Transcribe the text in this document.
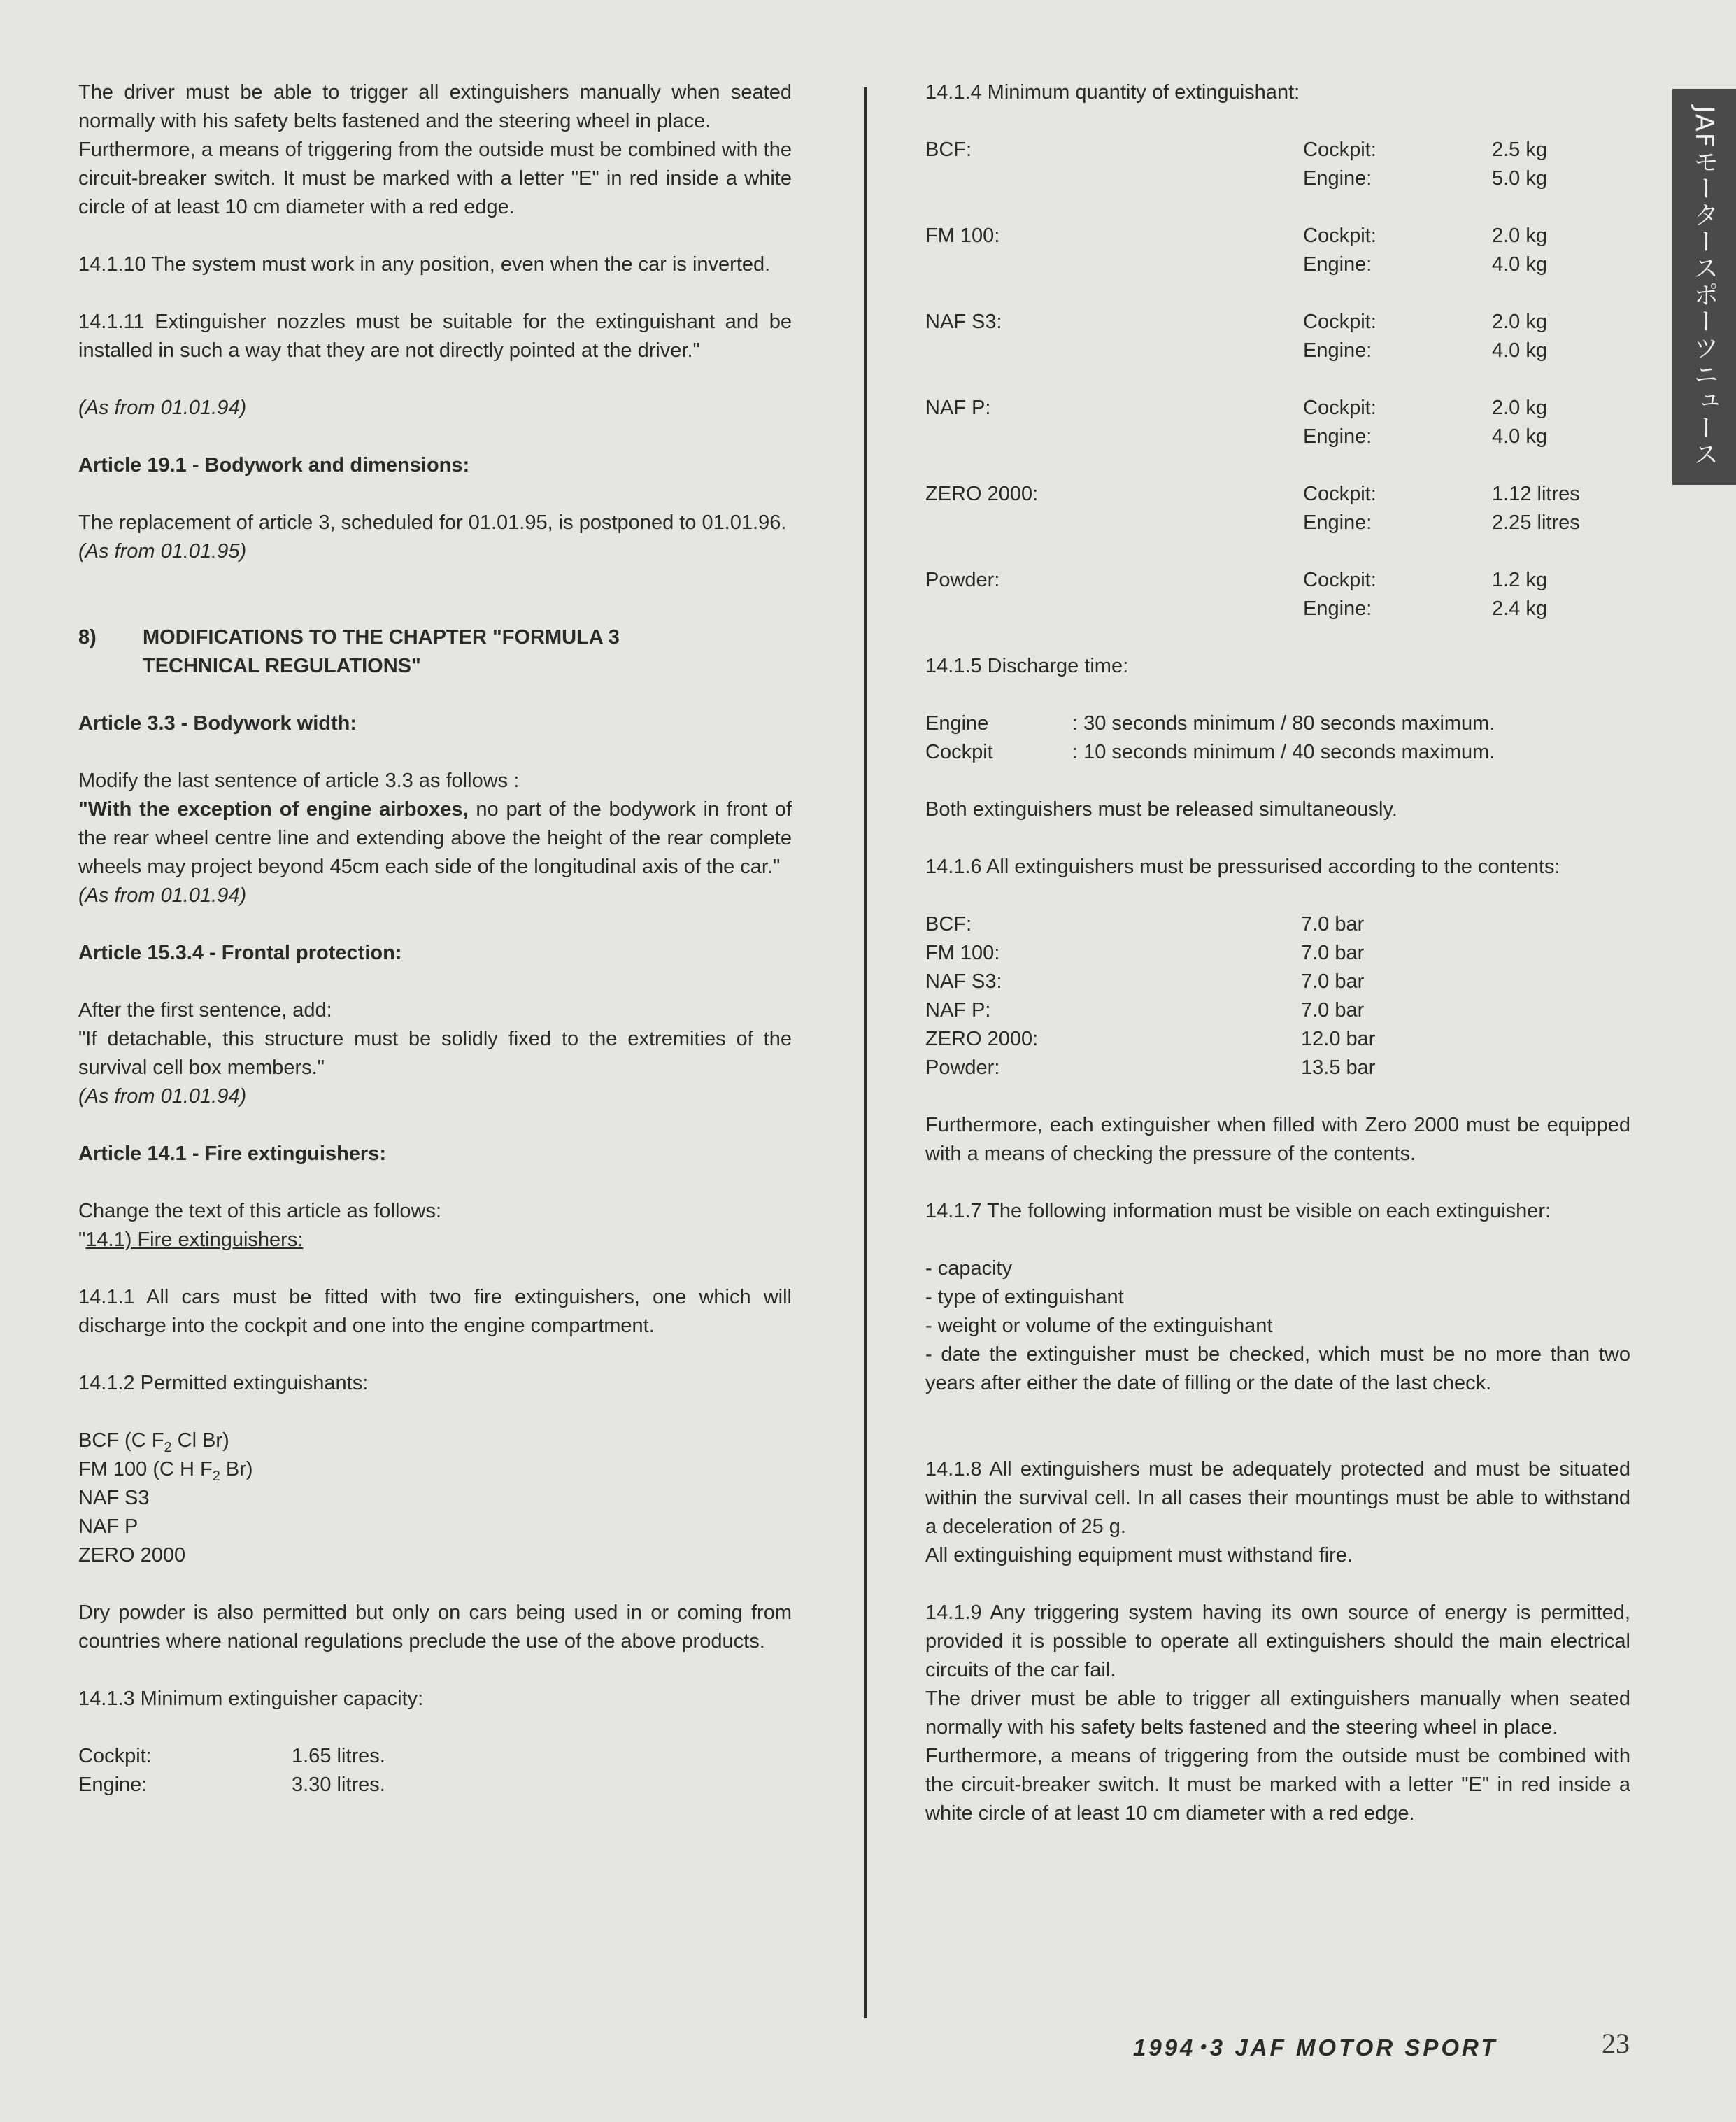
The driver must be able to trigger all extinguishers manually when seated normally with his safety belts fastened and the steering wheel in place.

Furthermore, a means of triggering from the outside must be combined with the circuit-breaker switch. It must be marked with a letter "E" in red inside a white circle of at least 10 cm diameter with a red edge.

14.1.10 The system must work in any position, even when the car is inverted.

14.1.11 Extinguisher nozzles must be suitable for the extinguishant and be installed in such a way that they are not directly pointed at the driver."

(As from 01.01.94)

Article 19.1 - Bodywork and dimensions:

The replacement of article 3, scheduled for 01.01.95, is postponed to 01.01.96.

(As from 01.01.95)

8)	MODIFICATIONS TO THE CHAPTER "FORMULA 3
TECHNICAL REGULATIONS"

Article 3.3 - Bodywork width:

Modify the last sentence of article 3.3 as follows :

"With the exception of engine airboxes, no part of the bodywork in front of the rear wheel centre line and extending above the height of the rear complete wheels may project beyond 45cm each side of the longitudinal axis of the car."

(As from 01.01.94)

Article 15.3.4 - Frontal protection:

After the first sentence, add:

"If detachable, this structure must be solidly fixed to the extremities of the survival cell box members."

(As from 01.01.94)

Article 14.1 - Fire extinguishers:

Change the text of this article as follows:

"14.1) Fire extinguishers:

14.1.1 All cars must be fitted with two fire extinguishers, one which will discharge into the cockpit and one into the engine compartment.

14.1.2 Permitted extinguishants:

BCF (C $F_2$ Cl Br)

FM 100 (C H $F_2$ Br)

NAF S3

NAF P

ZERO 2000

Dry powder is also permitted but only on cars being used in or coming from countries where national regulations preclude the use of the above products.

14.1.3 Minimum extinguisher capacity:

Cockpit:	1.65 litres.
Engine:	3.30 litres.

14.1.4 Minimum quantity of extinguishant:

BCF:	Cockpit:	2.5 kg
Engine:	5.0 kg
FM 100:	Cockpit:	2.0 kg
Engine:	4.0 kg
NAF S3:	Cockpit:	2.0 kg
Engine:	4.0 kg
NAF P:	Cockpit:	2.0 kg
Engine:	4.0 kg
ZERO 2000:	Cockpit:	1.12 litres
Engine:	2.25 litres
Powder:	Cockpit:	1.2 kg
Engine:	2.4 kg

14.1.5 Discharge time:

Engine	: 30 seconds minimum / 80 seconds maximum.
Cockpit	: 10 seconds minimum / 40 seconds maximum.

Both extinguishers must be released simultaneously.

14.1.6 All extinguishers must be pressurised according to the contents:

BCF:	7.0 bar
FM 100:	7.0 bar
NAF S3:	7.0 bar
NAF P:	7.0 bar
ZERO 2000:	12.0 bar
Powder:	13.5 bar

Furthermore, each extinguisher when filled with Zero 2000 must be equipped with a means of checking the pressure of the contents.

14.1.7 The following information must be visible on each extinguisher:

- capacity

- type of extinguishant

- weight or volume of the extinguishant

- date the extinguisher must be checked, which must be no more than two years after either the date of filling or the date of the last check.

14.1.8 All extinguishers must be adequately protected and must be situated within the survival cell. In all cases their mountings must be able to withstand a deceleration of 25 g.

All extinguishing equipment must withstand fire.

14.1.9 Any triggering system having its own source of energy is permitted, provided it is possible to operate all extinguishers should the main electrical circuits of the car fail.

The driver must be able to trigger all extinguishers manually when seated normally with his safety belts fastened and the steering wheel in place.

Furthermore, a means of triggering from the outside must be combined with the circuit-breaker switch. It must be marked with a letter "E" in red inside a white circle of at least 10 cm diameter with a red edge.

JAFモータースポーツニュース
1994･3 JAF MOTOR SPORT	23
